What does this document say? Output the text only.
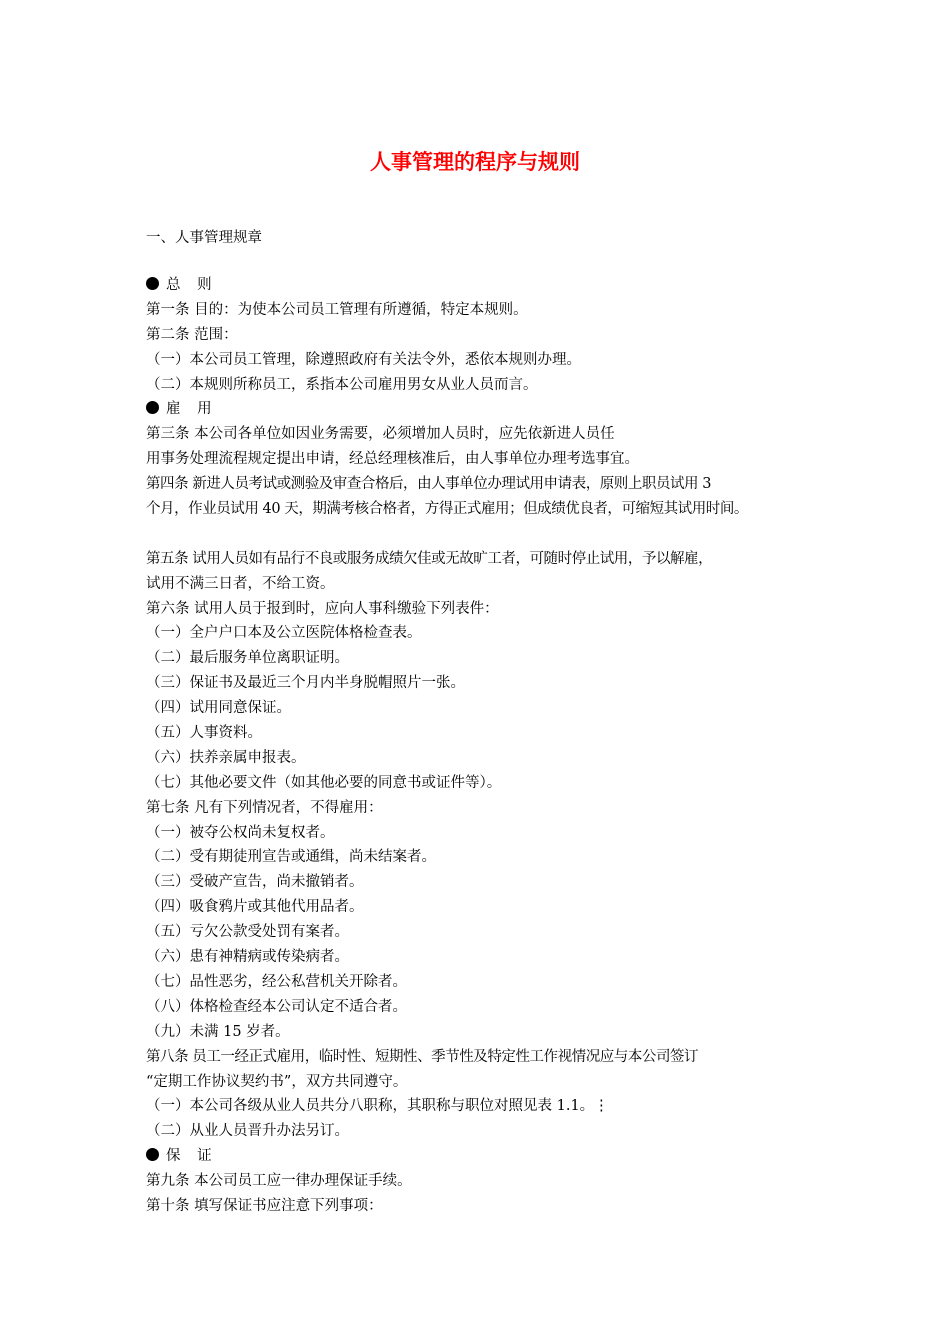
人事管理的程序与规则
一、人事管理规章
总 则
第一条 目的：为使本公司员工管理有所遵循，特定本规则。
第二条 范围：
（一）本公司员工管理，除遵照政府有关法令外，悉依本规则办理。
（二）本规则所称员工，系指本公司雇用男女从业人员而言。
雇 用
第三条 本公司各单位如因业务需要，必须增加人员时，应先依新进人员任
用事务处理流程规定提出申请，经总经理核准后，由人事单位办理考选事宜。
第四条 新进人员考试或测验及审查合格后，由人事单位办理试用申请表，原则上职员试用 3
个月，作业员试用 40 天，期满考核合格者，方得正式雇用；但成绩优良者，可缩短其试用时间。
第五条 试用人员如有品行不良或服务成绩欠佳或无故旷工者，可随时停止试用，予以解雇，
试用不满三日者，不给工资。
第六条 试用人员于报到时，应向人事科缴验下列表件：
（一）全户户口本及公立医院体格检查表。
（二）最后服务单位离职证明。
（三）保证书及最近三个月内半身脱帽照片一张。
（四）试用同意保证。
（五）人事资料。
（六）扶养亲属申报表。
（七）其他必要文件（如其他必要的同意书或证件等）。
第七条 凡有下列情况者，不得雇用：
（一）被夺公权尚未复权者。
（二）受有期徒刑宣告或通缉，尚未结案者。
（三）受破产宣告，尚未撤销者。
（四）吸食鸦片或其他代用品者。
（五）亏欠公款受处罚有案者。
（六）患有神精病或传染病者。
（七）品性恶劣，经公私营机关开除者。
（八）体格检查经本公司认定不适合者。
（九）未满 15 岁者。
第八条 员工一经正式雇用，临时性、短期性、季节性及特定性工作视情况应与本公司签订
“定期工作协议契约书”，双方共同遵守。
（一）本公司各级从业人员共分八职称，其职称与职位对照见表 1.1。⋮
（二）从业人员晋升办法另订。
保 证
第九条 本公司员工应一律办理保证手续。
第十条 填写保证书应注意下列事项：
